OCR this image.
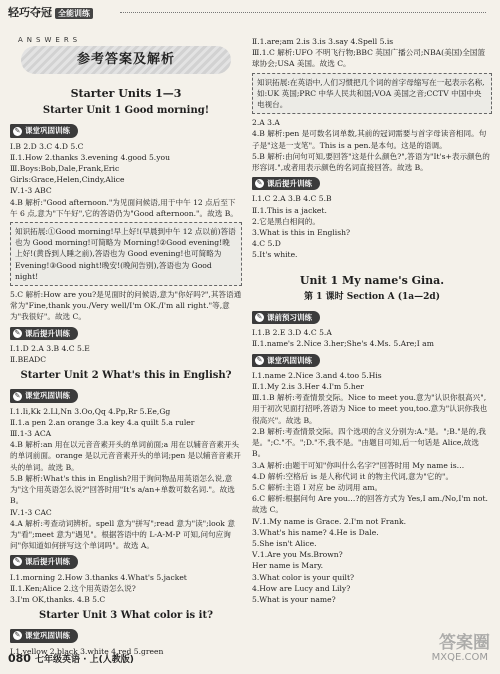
轻巧夺冠 全能训练
ANSWERS
参考答案及解析
Starter Units 1—3
Starter Unit 1 Good morning!
✎ 课堂巩固训练
Ⅰ.B 2.D 3.C 4.D 5.C
Ⅱ.1.How 2.thanks 3.evening 4.good 5.you
Ⅲ.Boys:Bob,Dale,Frank,Eric
Girls:Grace,Helen,Cindy,Alice
Ⅳ.1-3 ABC
4.B 解析:"Good afternoon."为见面问候语,用于中午 12 点后至下午 6 点,意为"下午好",它的答语仍为"Good afternoon."。故选 B。
知识拓展:①Good morning!早上好!(早晨到中午 12 点以前)答语也为 Good morning!可简略为 Morning!②Good evening!晚上好!(黄昏到人睡之前),答语也为 Good evening!也可简略为 Evening!③Good night!晚安!(晚间告别),答语也为 Good night!
5.C 解析:How are you?是见面时的问候语,意为"你好吗?",其答语通常为"Fine,thank you./Very well/I'm OK./I'm all right."等,意为"我很好"。故选 C。
✎ 课后提升训练
Ⅰ.1.D 2.A 3.B 4.C 5.E
Ⅱ.BEADC
Starter Unit 2 What's this in English?
✎ 课堂巩固训练
Ⅰ.1.Ii,Kk 2.Ll,Nn 3.Oo,Qq 4.Pp,Rr 5.Ee,Gg
Ⅱ.1.a pen 2.an orange 3.a key 4.a quilt 5.a ruler
Ⅲ.1-3 ACA
4.B 解析:an 用在以元音音素开头的单词前面;a 用在以辅音音素开头的单词前面。orange 是以元音音素开头的单词;pen 是以辅音音素开头的单词。故选 B。
5.B 解析:What's this in English?用于询问物品用英语怎么说,意为"这个用英语怎么说?"回答时用"It's a/an+单数可数名词."。故选 B。
Ⅳ.1-3 CAC
4.A 解析:考查动词辨析。spell 意为"拼写";read 意为"读";look 意为"看";meet 意为"遇见"。根据答语中的 L-A-M-P 可知,问句应询问"你知道如何拼写这个单词吗"。故选 A。
✎ 课后提升训练
Ⅰ.1.morning 2.How 3.thanks 4.What's 5.jacket
Ⅱ.1.Ken;Alice 2.这个用英语怎么说?
3.I'm OK,thanks. 4.B 5.C
Starter Unit 3 What color is it?
✎ 课堂巩固训练
Ⅰ.1.yellow 2.black 3.white 4.red 5.green
Ⅱ.1.are;am 2.is 3.is 3.say 4.Spell 5.is
Ⅲ.1.C 解析:UFO 不明飞行物;BBC 英国广播公司;NBA(美国)全国篮球协会;USA 美国。故选 C。
知识拓展:在英语中,人们习惯把几个词的首字母缩写在一起表示名称,如:UK 英国;PRC 中华人民共和国;VOA 美国之音;CCTV 中国中央电视台。
2.A 3.A
4.B 解析:pen 是可数名词单数,其前的冠词需要与首字母读音相同。句子是"这是一支笔"。This is a pen.是本句。这是的语调。
5.B 解析:由问句可知,要回答"这是什么颜色?",答语为"It's+表示颜色的形容词.",或者用表示颜色的名词直接回答。故选 B。
✎ 课后提升训练
Ⅰ.1.C 2.A 3.B 4.C 5.B
Ⅱ.1.This is a jacket.
2.它是黑白相间的。
3.What is this in English?
4.C 5.D
5.It's white.
Unit 1 My name's Gina.
第 1 课时 Section A (1a—2d)
✎ 课前预习训练
Ⅰ.1.B 2.E 3.D 4.C 5.A
Ⅱ.1.name's 2.Nice 3.her;She's 4.Ms. 5.Are;I am
✎ 课堂巩固训练
Ⅰ.1.name 2.Nice 3.and 4.too 5.His
Ⅱ.1.My 2.is 3.Her 4.I'm 5.her
Ⅲ.1.B 解析:考查情景交际。Nice to meet you.意为"认识你很高兴",用于初次见面打招呼,答语为 Nice to meet you,too.意为"认识你我也很高兴"。故选 B。
2.B 解析:考查情景交际。四个选项的含义分别为:A."是。";B."是的,我是。";C."不。";D."不,我不是。"由题目可知,后一句话是 Alice,故选 B。
3.A 解析:由题干可知"你叫什么名字?"回答时用 My name is…
4.D 解析:空格后 is 是人称代词 it 的物主代词,意为"它的"。
5.C 解析:主语 I 对应 be 动词用 am。
6.C 解析:根据问句 Are you…?的回答方式为 Yes,I am./No,I'm not.故选 C。
Ⅳ.1.My name is Grace. 2.I'm not Frank.
3.What's his name? 4.He is Dale.
5.She isn't Alice.
Ⅴ.1.Are you Ms.Brown?
Her name is Mary.
3.What color is your quilt?
4.How are Lucy and Lily?
5.What is your name?
080 七年级英语 · 上(人教版)
答案圈
MXQE.COM
